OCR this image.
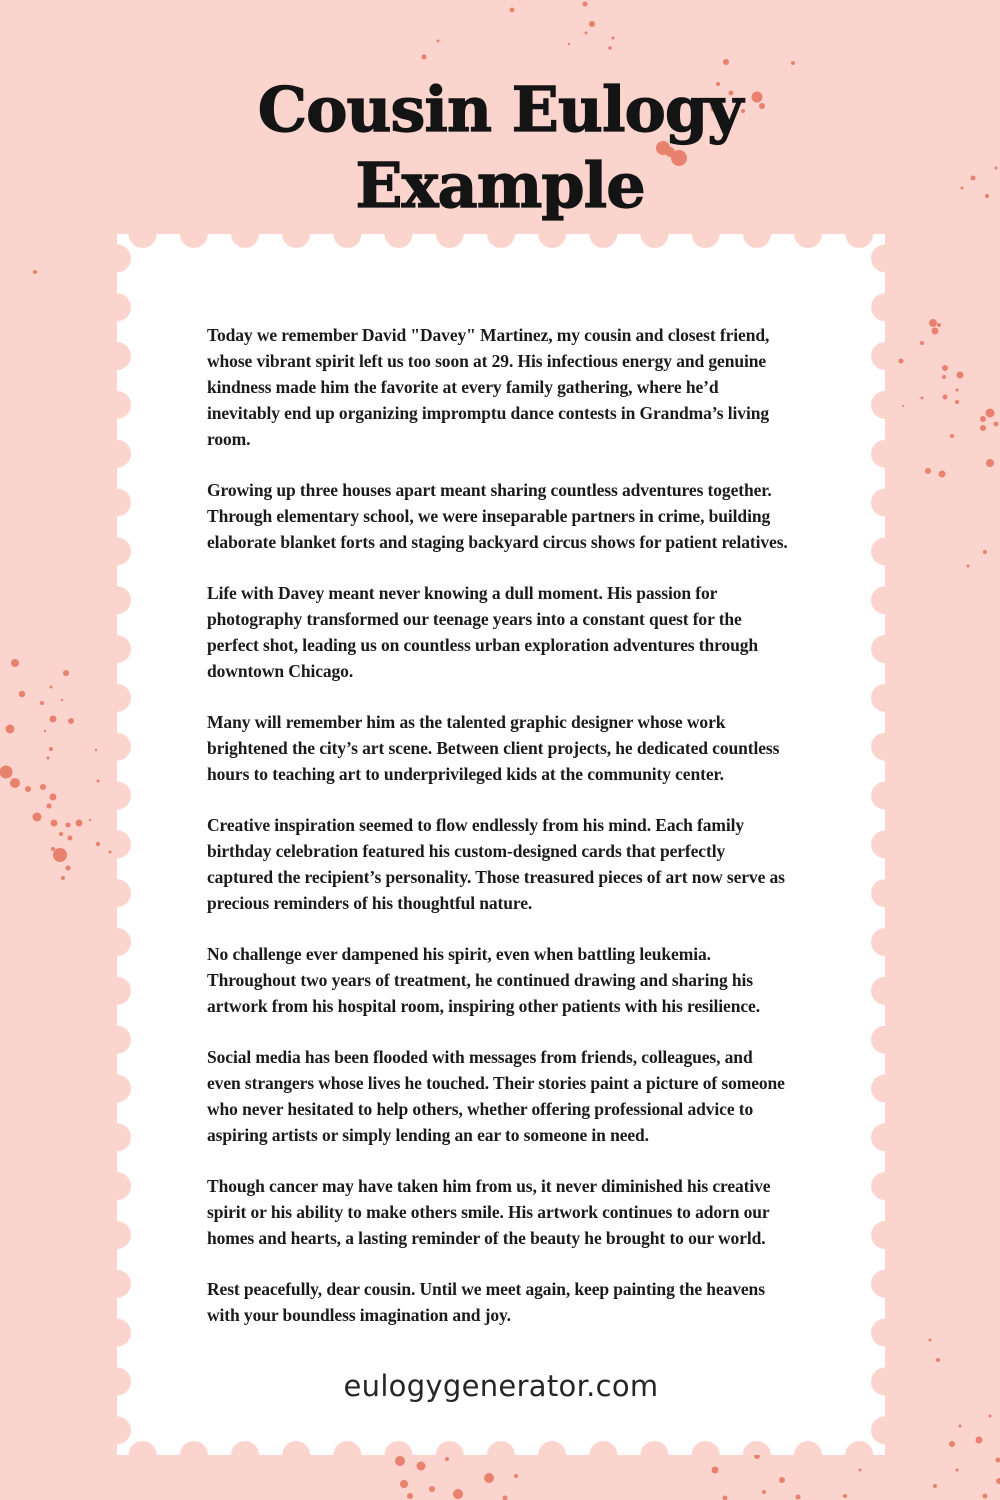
Cousin Eulogy
Example

Today we remember David "Davey" Martinez, my cousin and closest friend, whose vibrant spirit left us too soon at 29. His infectious energy and genuine kindness made him the favorite at every family gathering, where he’d inevitably end up organizing impromptu dance contests in Grandma’s living room.

Growing up three houses apart meant sharing countless adventures together. Through elementary school, we were inseparable partners in crime, building elaborate blanket forts and staging backyard circus shows for patient relatives.

Life with Davey meant never knowing a dull moment. His passion for photography transformed our teenage years into a constant quest for the perfect shot, leading us on countless urban exploration adventures through downtown Chicago.

Many will remember him as the talented graphic designer whose work brightened the city’s art scene. Between client projects, he dedicated countless hours to teaching art to underprivileged kids at the community center.

Creative inspiration seemed to flow endlessly from his mind. Each family birthday celebration featured his custom-designed cards that perfectly captured the recipient’s personality. Those treasured pieces of art now serve as precious reminders of his thoughtful nature.

No challenge ever dampened his spirit, even when battling leukemia. Throughout two years of treatment, he continued drawing and sharing his artwork from his hospital room, inspiring other patients with his resilience.

Social media has been flooded with messages from friends, colleagues, and even strangers whose lives he touched. Their stories paint a picture of someone who never hesitated to help others, whether offering professional advice to aspiring artists or simply lending an ear to someone in need.

Though cancer may have taken him from us, it never diminished his creative spirit or his ability to make others smile. His artwork continues to adorn our homes and hearts, a lasting reminder of the beauty he brought to our world.

Rest peacefully, dear cousin. Until we meet again, keep painting the heavens with your boundless imagination and joy.

eulogygenerator.com
